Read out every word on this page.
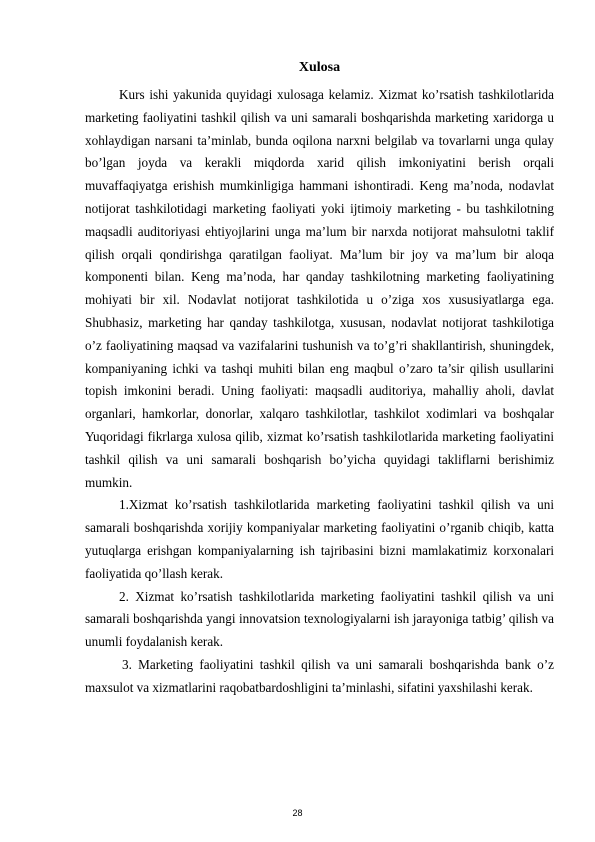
Xulosa

Kurs ishi yakunida quyidagi xulosaga kelamiz. Xizmat ko’rsatish tashkilotlarida marketing faoliyatini tashkil qilish va uni samarali boshqarishda marketing xaridorga u xohlaydigan narsani ta’minlab, bunda oqilona narxni belgilab va tovarlarni unga qulay bo’lgan joyda va kerakli miqdorda xarid qilish imkoniyatini berish orqali muvaffaqiyatga erishish mumkinligiga hammani ishontiradi. Keng ma’noda, nodavlat notijorat tashkilotidagi marketing faoliyati yoki ijtimoiy marketing - bu tashkilotning maqsadli auditoriyasi ehtiyojlarini unga ma’lum bir narxda notijorat mahsulotni taklif qilish orqali qondirishga qaratilgan faoliyat. Ma’lum bir joy va ma’lum bir aloqa komponenti bilan. Keng ma’noda, har qanday tashkilotning marketing faoliyatining mohiyati bir xil. Nodavlat notijorat tashkilotida u o’ziga xos xususiyatlarga ega. Shubhasiz, marketing har qanday tashkilotga, xususan, nodavlat notijorat tashkilotiga o’z faoliyatining maqsad va vazifalarini tushunish va to’g’ri shakllantirish, shuningdek, kompaniyaning ichki va tashqi muhiti bilan eng maqbul o’zaro ta’sir qilish usullarini topish imkonini beradi. Uning faoliyati: maqsadli auditoriya, mahalliy aholi, davlat organlari, hamkorlar, donorlar, xalqaro tashkilotlar, tashkilot xodimlari va boshqalar Yuqoridagi fikrlarga xulosa qilib, xizmat ko’rsatish tashkilotlarida marketing faoliyatini tashkil qilish va uni samarali boshqarish bo’yicha quyidagi takliflarni berishimiz mumkin.

1.Xizmat ko’rsatish tashkilotlarida marketing faoliyatini tashkil qilish va uni samarali boshqarishda xorijiy kompaniyalar marketing faoliyatini o’rganib chiqib, katta yutuqlarga erishgan kompaniyalarning ish tajribasini bizni mamlakatimiz korxonalari faoliyatida qo’llash kerak.

2. Xizmat ko’rsatish tashkilotlarida marketing faoliyatini tashkil qilish va uni samarali boshqarishda yangi innovatsion texnologiyalarni ish jarayoniga tatbig’ qilish va unumli foydalanish kerak.

3. Marketing faoliyatini tashkil qilish va uni samarali boshqarishda bank o’z maxsulot va xizmatlarini raqobatbardoshligini ta’minlashi, sifatini yaxshilashi kerak.

28
